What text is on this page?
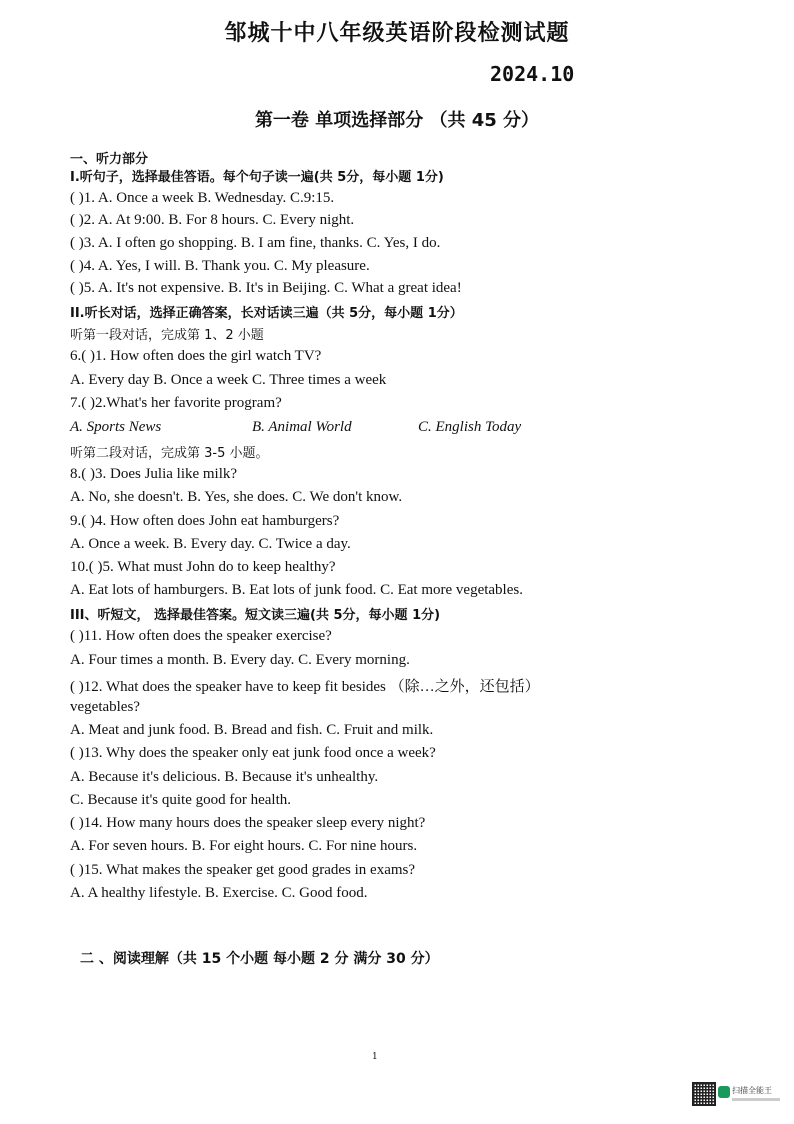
邹城十中八年级英语阶段检测试题
2024.10
第一卷 单项选择部分 （共 45 分）
一、听力部分
I.听句子，选择最佳答语。每个句子读一遍(共 5分，每小题 1分)
( )1. A. Once a week B. Wednesday. C.9:15.
( )2. A. At 9:00. B. For 8 hours. C. Every night.
( )3. A. I often go shopping. B. I am fine, thanks. C. Yes, I do.
( )4. A. Yes, I will. B. Thank you. C. My pleasure.
( )5. A. It's not expensive. B. It's in Beijing. C. What a great idea!
II.听长对话，选择正确答案，长对话读三遍（共 5分，每小题 1分）
听第一段对话，完成第 1、2 小题
6.( )1. How often does the girl watch TV?
A. Every day B. Once a week C. Three times a week
7.( )2.What's her favorite program?
A. Sports News	B. Animal World	C. English Today
听第二段对话，完成第 3-5 小题。
8.( )3. Does Julia like milk?
A. No, she doesn't. B. Yes, she does. C. We don't know.
9.( )4. How often does John eat hamburgers?
A. Once a week. B. Every day. C. Twice a day.
10.( )5. What must John do to keep healthy?
A. Eat lots of hamburgers. B. Eat lots of junk food. C. Eat more vegetables.
III、听短文， 选择最佳答案。短文读三遍(共 5分，每小题 1分)
( )11. How often does the speaker exercise?
A. Four times a month. B. Every day. C. Every morning.
( )12. What does the speaker have to keep fit besides （除…之外，还包括）
vegetables?
A. Meat and junk food. B. Bread and fish. C. Fruit and milk.
( )13. Why does the speaker only eat junk food once a week?
A. Because it's delicious. B. Because it's unhealthy.
C. Because it's quite good for health.
( )14. How many hours does the speaker sleep every night?
A. For seven hours. B. For eight hours. C. For nine hours.
( )15. What makes the speaker get good grades in exams?
A. A healthy lifestyle. B. Exercise. C. Good food.
二 、阅读理解（共 15 个小题 每小题 2 分 满分 30 分）
1
扫描全能王
